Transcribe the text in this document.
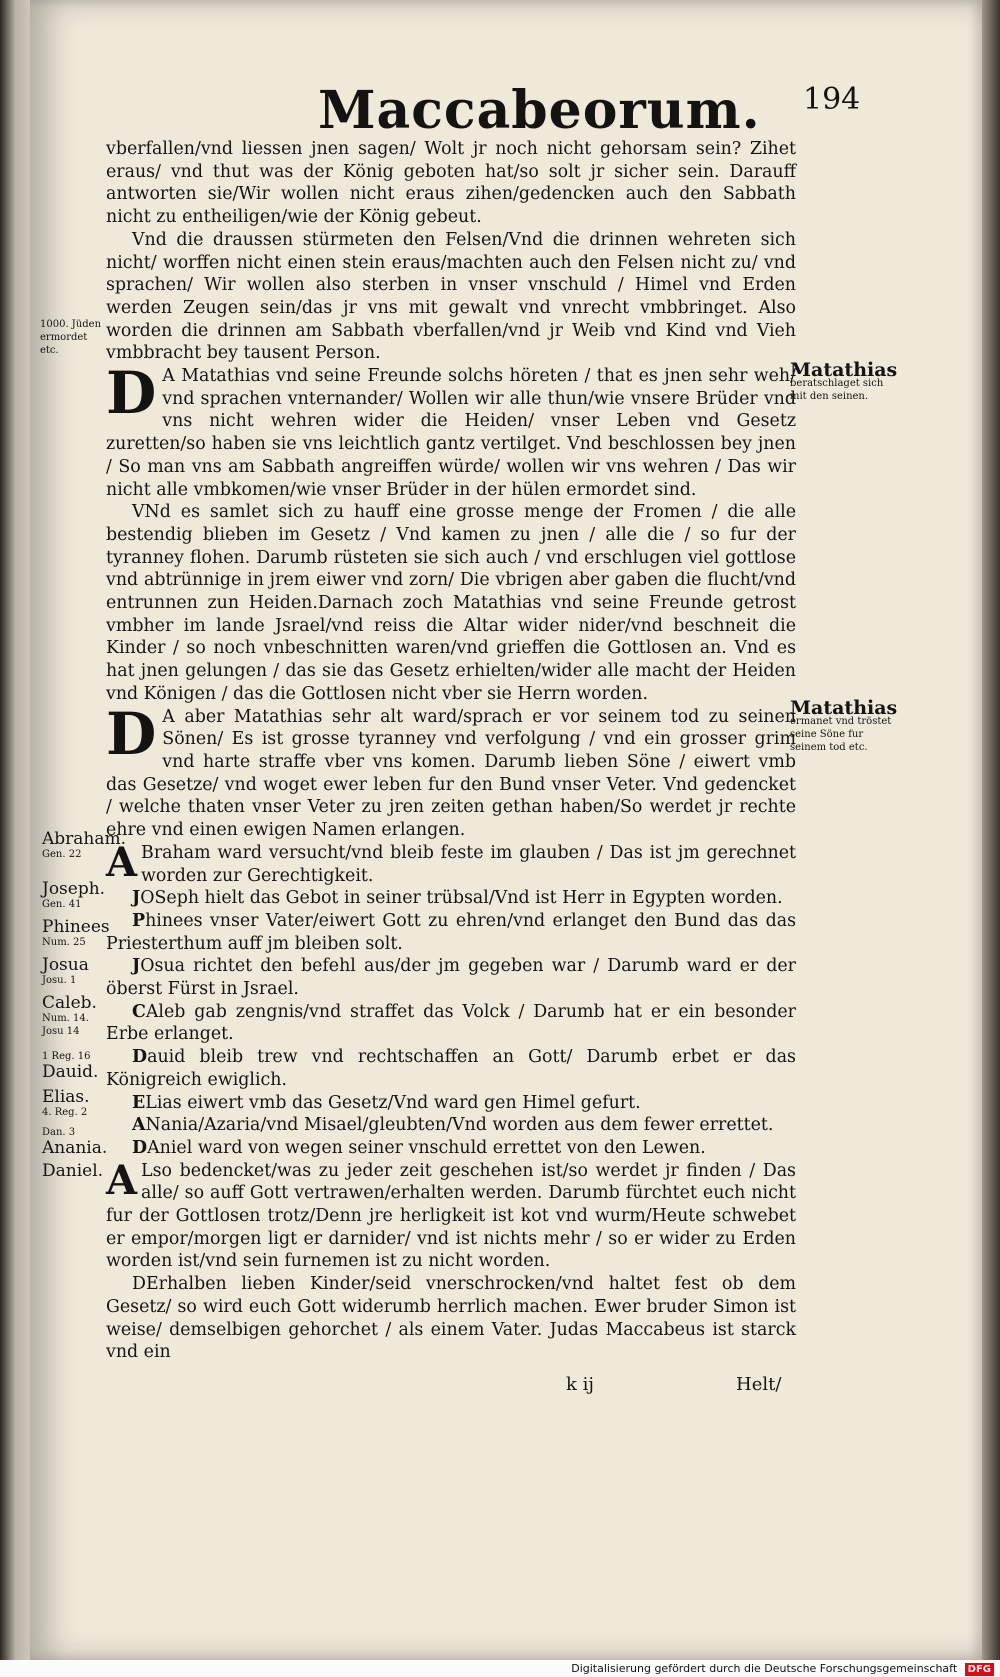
Maccabeorum. 194

vberfallen/vnd liessen jnen sagen/ Wolt jr noch nicht gehorsam sein? Zihet eraus/ vnd thut was der König geboten hat/so solt jr sicher sein. Darauff antworten sie/Wir wollen nicht eraus zihen/gedencken auch den Sabbath nicht zu entheiligen/wie der König gebeut.

Vnd die draussen stürmeten den Felsen/Vnd die drinnen wehreten sich nicht/ worffen nicht einen stein eraus/machten auch den Felsen nicht zu/ vnd sprachen/ Wir wollen also sterben in vnser vnschuld / Himel vnd Erden werden Zeugen sein/das jr vns mit gewalt vnd vnrecht vmbbringet. Also worden die drinnen am Sabbath vberfallen/vnd jr Weib vnd Kind vnd Vieh vmbbracht bey tausent Person.

D A Matathias vnd seine Freunde solchs höreten / that es jnen sehr weh/ vnd sprachen vnternander/ Wollen wir alle thun/wie vnsere Brüder vnd vns nicht wehren wider die Heiden/ vnser Leben vnd Gesetz zuretten/so haben sie vns leichtlich gantz vertilget. Vnd beschlossen bey jnen / So man vns am Sabbath angreiffen würde/ wollen wir vns wehren / Das wir nicht alle vmbkomen/wie vnser Brüder in der hülen ermordet sind.

VNd es samlet sich zu hauff eine grosse menge der Fromen / die alle bestendig blieben im Gesetz / Vnd kamen zu jnen / alle die / so fur der tyranney flohen. Darumb rüsteten sie sich auch / vnd erschlugen viel gottlose vnd abtrünnige in jrem eiwer vnd zorn/ Die vbrigen aber gaben die flucht/vnd entrunnen zun Heiden.Darnach zoch Matathias vnd seine Freunde getrost vmbher im lande Jsrael/vnd reiss die Altar wider nider/vnd beschneit die Kinder / so noch vnbeschnitten waren/vnd grieffen die Gottlosen an. Vnd es hat jnen gelungen / das sie das Gesetz erhielten/wider alle macht der Heiden vnd Königen / das die Gottlosen nicht vber sie Herrn worden.

D A aber Matathias sehr alt ward/sprach er vor seinem tod zu seinen Sönen/ Es ist grosse tyranney vnd verfolgung / vnd ein grosser grim vnd harte straffe vber vns komen. Darumb lieben Söne / eiwert vmb das Gesetze/ vnd woget ewer leben fur den Bund vnser Veter. Vnd gedencket / welche thaten vnser Veter zu jren zeiten gethan haben/So werdet jr rechte ehre vnd einen ewigen Namen erlangen.

A Braham ward versucht/vnd bleib feste im glauben / Das ist jm gerechnet worden zur Gerechtigkeit.
JOSeph hielt das Gebot in seiner trübsal/Vnd ist Herr in Egypten worden.
Phinees vnser Vater/eiwert Gott zu ehren/vnd erlanget den Bund das das Priesterthum auff jm bleiben solt.
JOsua richtet den befehl aus/der jm gegeben war / Darumb ward er der öberst Fürst in Jsrael.
CAleb gab zengnis/vnd straffet das Volck / Darumb hat er ein besonder Erbe erlanget.
Dauid bleib trew vnd rechtschaffen an Gott/ Darumb erbet er das Königreich ewiglich.
ELias eiwert vmb das Gesetz/Vnd ward gen Himel gefurt.
ANania/Azaria/vnd Misael/gleubten/Vnd worden aus dem fewer errettet.
DAniel ward von wegen seiner vnschuld errettet von den Lewen.

A Lso bedencket/was zu jeder zeit geschehen ist/so werdet jr finden / Das alle/ so auff Gott vertrawen/erhalten werden. Darumb fürchtet euch nicht fur der Gottlosen trotz/Denn jre herligkeit ist kot vnd wurm/Heute schwebet er empor/morgen ligt er darnider/ vnd ist nichts mehr / so er wider zu Erden worden ist/vnd sein furnemen ist zu nicht worden.

DErhalben lieben Kinder/seid vnerschrocken/vnd haltet fest ob dem Gesetz/ so wird euch Gott widerumb herrlich machen. Ewer bruder Simon ist weise/ demselbigen gehorchet / als einem Vater. Judas Maccabeus ist starck vnd ein

1000. Jüden ermordet etc.
Matathias
beratschlaget sich mit den seinen.
Matathias
ermanet vnd tröstet seine Söne fur seinem tod etc.
Abraham.
Gen. 22
Joseph.
Gen. 41
Phinees
Num. 25
Josua
Josu. 1
Caleb.
Num. 14. Josu 14
1 Reg. 16
Dauid.
Elias.
4. Reg. 2
Dan. 3
Anania.
Daniel.
k ij	Helt/
Digitalisierung gefördert durch die Deutsche Forschungsgemeinschaft DFG
